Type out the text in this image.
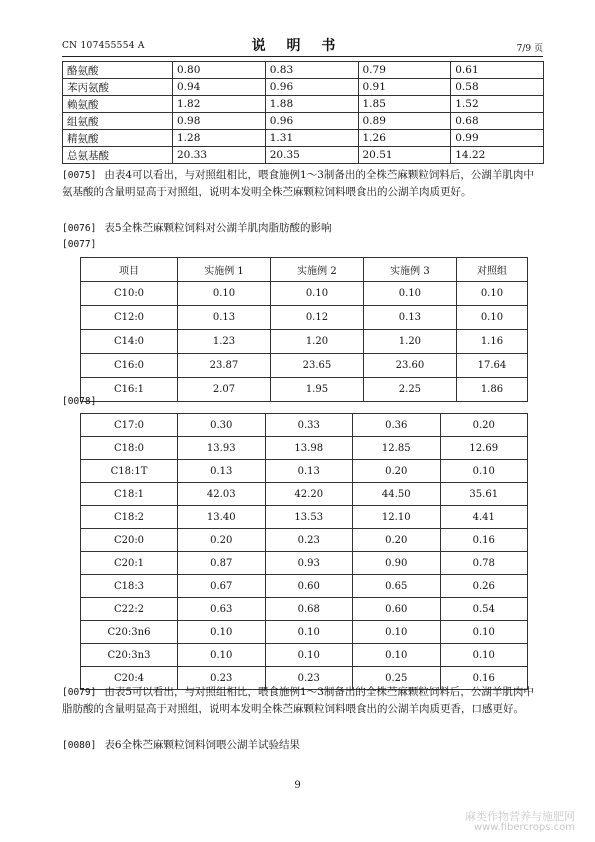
CN 107455554 A	说 明 书	7/9 页
酪氨酸	0.80	0.83	0.79	0.61
苯丙氨酸	0.94	0.96	0.91	0.58
赖氨酸	1.82	1.88	1.85	1.52
组氨酸	0.98	0.96	0.89	0.68
精氨酸	1.28	1.31	1.26	0.99
总氨基酸	20.33	20.35	20.51	14.22
[0075] 由表4可以看出，与对照组相比，喂食施例1～3制备出的全株苎麻颗粒饲料后，公湖羊肌肉中氨基酸的含量明显高于对照组，说明本发明全株苎麻颗粒饲料喂食出的公湖羊肉质更好。
[0076] 表5全株苎麻颗粒饲料对公湖羊肌肉脂肪酸的影响
[0077]
项目	实施例 1	实施例 2	实施例 3	对照组
C10:0	0.10	0.10	0.10	0.10
C12:0	0.13	0.12	0.13	0.10
C14:0	1.23	1.20	1.20	1.16
C16:0	23.87	23.65	23.60	17.64
C16:1	2.07	1.95	2.25	1.86
[0078]
C17:0	0.30	0.33	0.36	0.20
C18:0	13.93	13.98	12.85	12.69
C18:1T	0.13	0.13	0.20	0.10
C18:1	42.03	42.20	44.50	35.61
C18:2	13.40	13.53	12.10	4.41
C20:0	0.20	0.23	0.20	0.16
C20:1	0.87	0.93	0.90	0.78
C18:3	0.67	0.60	0.65	0.26
C22:2	0.63	0.68	0.60	0.54
C20:3n6	0.10	0.10	0.10	0.10
C20:3n3	0.10	0.10	0.10	0.10
C20:4	0.23	0.23	0.25	0.16
[0079] 由表5可以看出，与对照组相比，喂食施例1～3制备出的全株苎麻颗粒饲料后，公湖羊肌肉中脂肪酸的含量明显高于对照组，说明本发明全株苎麻颗粒饲料喂食出的公湖羊肉质更香，口感更好。
[0080] 表6全株苎麻颗粒饲料饲喂公湖羊试验结果
9
麻类作物营养与施肥网
www.fibercrops.com
